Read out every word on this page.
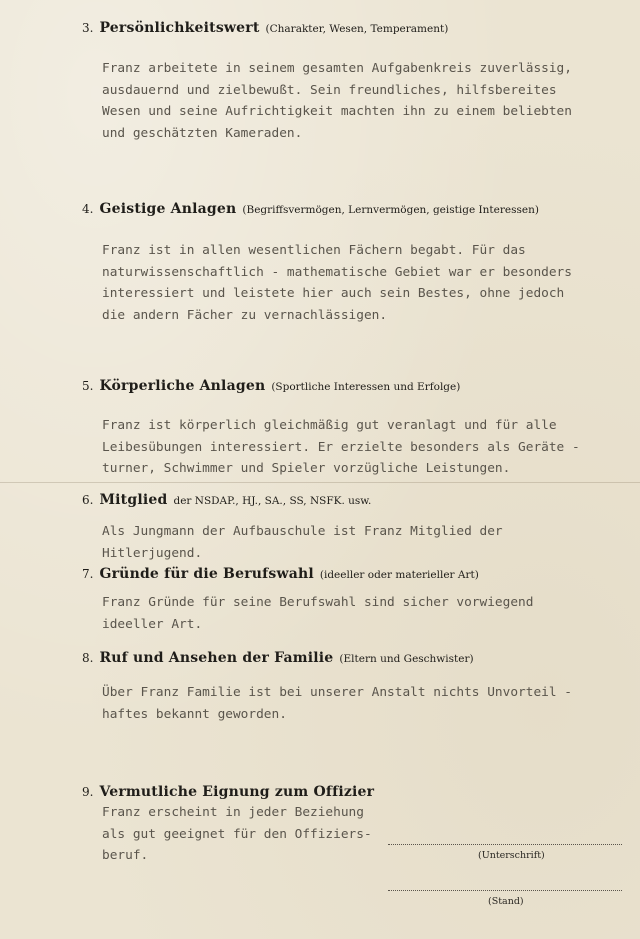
3. Persönlichkeitswert (Charakter, Wesen, Temperament)
Franz arbeitete in seinem gesamten Aufgabenkreis zuverlässig,
ausdauernd und zielbewußt. Sein freundliches, hilfsbereites
Wesen und seine Aufrichtigkeit machten ihn zu einem beliebten
und geschätzten Kameraden.
4. Geistige Anlagen (Begriffsvermögen, Lernvermögen, geistige Interessen)
Franz ist in allen wesentlichen Fächern begabt. Für das
naturwissenschaftlich - mathematische Gebiet war er besonders
interessiert und leistete hier auch sein Bestes, ohne jedoch
die andern Fächer zu vernachlässigen.
5. Körperliche Anlagen (Sportliche Interessen und Erfolge)
Franz ist körperlich gleichmäßig gut veranlagt und für alle
Leibesübungen interessiert. Er erzielte besonders als Geräte -
turner, Schwimmer und Spieler vorzügliche Leistungen.
6. Mitglied der NSDAP., HJ., SA., SS, NSFK. usw.
Als Jungmann der Aufbauschule ist Franz Mitglied der
Hitlerjugend.
7. Gründe für die Berufswahl (ideeller oder materieller Art)
Franz Gründe für seine Berufswahl sind sicher vorwiegend
ideeller Art.
8. Ruf und Ansehen der Familie (Eltern und Geschwister)
Über Franz Familie ist bei unserer Anstalt nichts Unvorteil -
haftes bekannt geworden.
9. Vermutliche Eignung zum Offizier
Franz erscheint in jeder Beziehung
als gut geeignet für den Offiziers-
beruf.	(Unterschrift)
(Stand)
